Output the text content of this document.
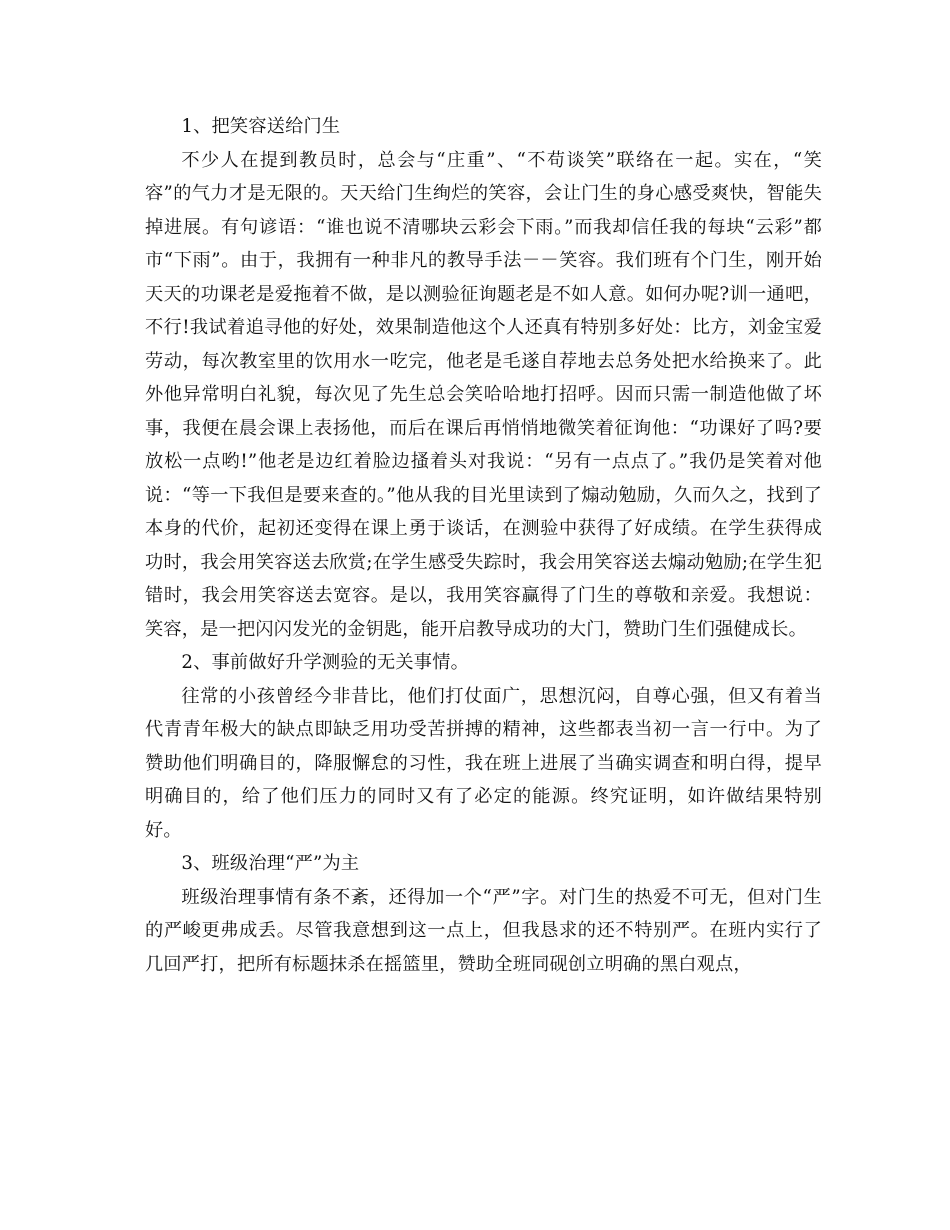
1、把笑容送给门生

不少人在提到教员时，总会与“庄重”、“不苟谈笑”联络在一起。实在，“笑容”的气力才是无限的。天天给门生绚烂的笑容，会让门生的身心感受爽快，智能失掉进展。有句谚语：“谁也说不清哪块云彩会下雨。”而我却信任我的每块“云彩”都市“下雨”。由于，我拥有一种非凡的教导手法－－笑容。我们班有个门生，刚开始天天的功课老是爱拖着不做，是以测验征询题老是不如人意。如何办呢?训一通吧，不行!我试着追寻他的好处，效果制造他这个人还真有特别多好处：比方，刘金宝爱劳动，每次教室里的饮用水一吃完，他老是毛遂自荐地去总务处把水给换来了。此外他异常明白礼貌，每次见了先生总会笑哈哈地打招呼。因而只需一制造他做了坏事，我便在晨会课上表扬他，而后在课后再悄悄地微笑着征询他：“功课好了吗?要放松一点哟!”他老是边红着脸边搔着头对我说：“另有一点点了。”我仍是笑着对他说：“等一下我但是要来查的。”他从我的目光里读到了煽动勉励，久而久之，找到了本身的代价，起初还变得在课上勇于谈话，在测验中获得了好成绩。在学生获得成功时，我会用笑容送去欣赏;在学生感受失踪时，我会用笑容送去煽动勉励;在学生犯错时，我会用笑容送去宽容。是以，我用笑容赢得了门生的尊敬和亲爱。我想说：笑容，是一把闪闪发光的金钥匙，能开启教导成功的大门，赞助门生们强健成长。

2、事前做好升学测验的无关事情。

往常的小孩曾经今非昔比，他们打仗面广，思想沉闷，自尊心强，但又有着当代青青年极大的缺点即缺乏用功受苦拼搏的精神，这些都表当初一言一行中。为了赞助他们明确目的，降服懈怠的习性，我在班上进展了当确实调查和明白得，提早明确目的，给了他们压力的同时又有了必定的能源。终究证明，如许做结果特别好。

3、班级治理“严”为主

班级治理事情有条不紊，还得加一个“严”字。对门生的热爱不可无，但对门生的严峻更弗成丢。尽管我意想到这一点上，但我恳求的还不特别严。在班内实行了几回严打，把所有标题抹杀在摇篮里，赞助全班同砚创立明确的黑白观点，
